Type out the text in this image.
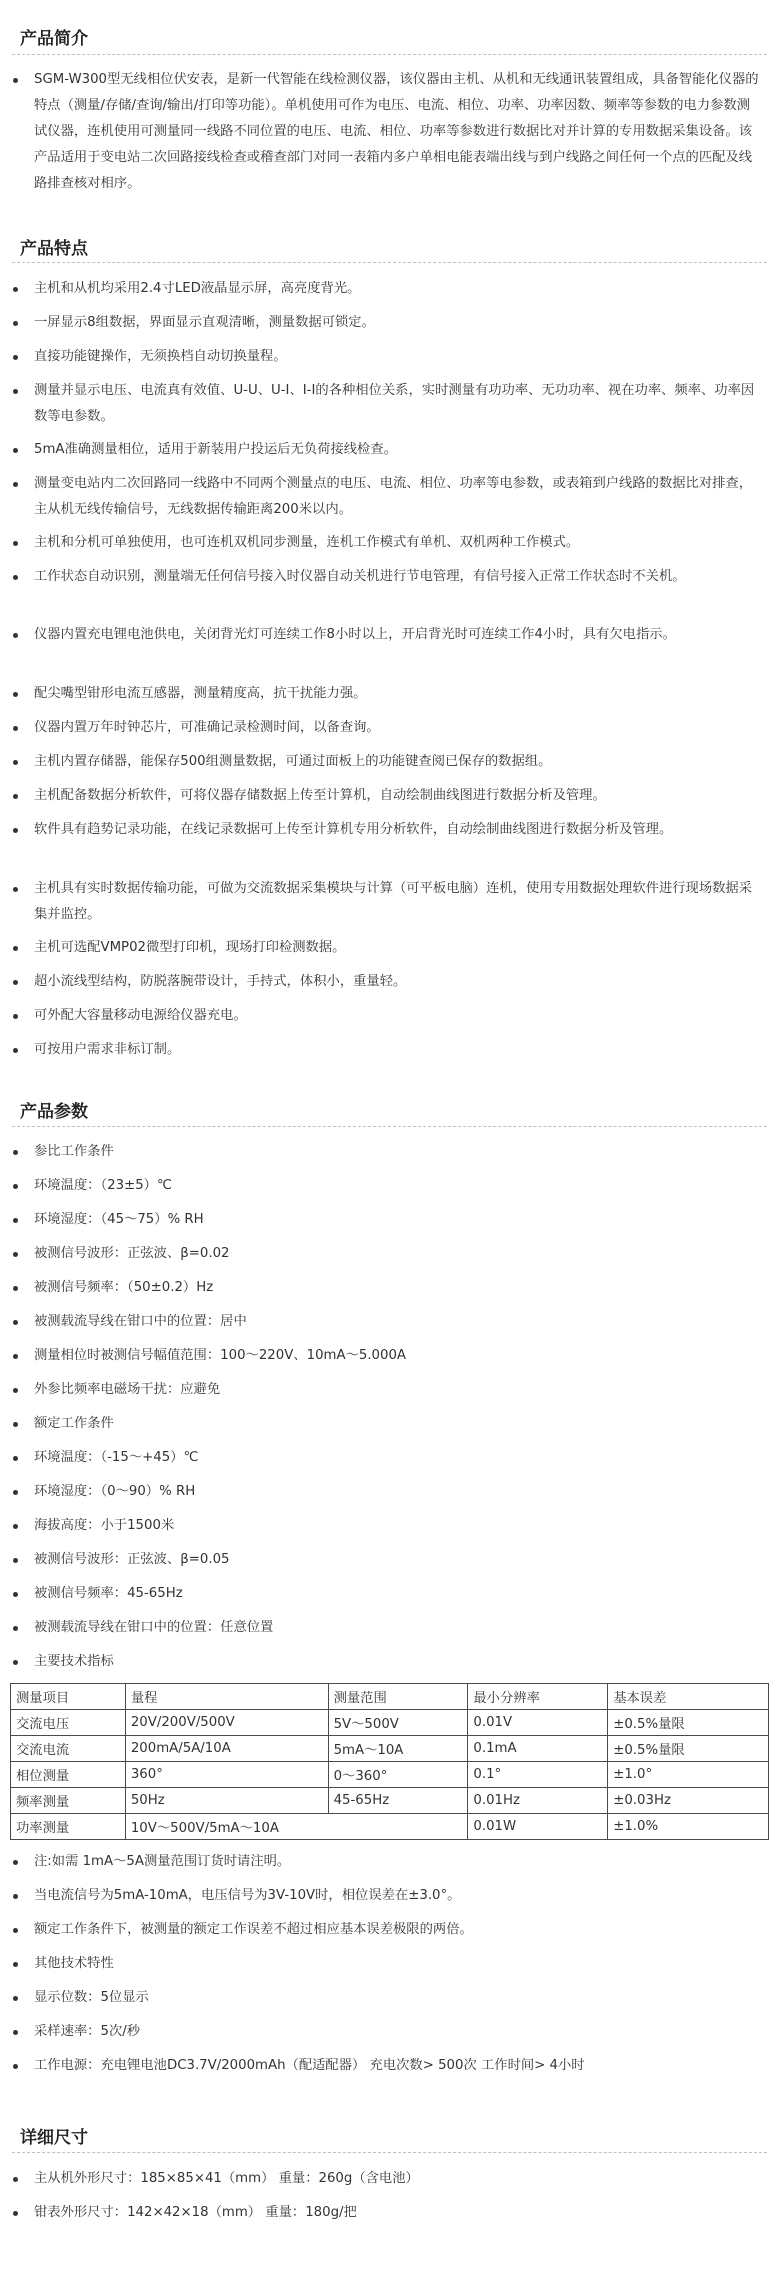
产品简介
SGM-W300型无线相位伏安表，是新一代智能在线检测仪器，该仪器由主机、从机和无线通讯装置组成，具备智能化仪器的特点（测量/存储/查询/输出/打印等功能）。单机使用可作为电压、电流、相位、功率、功率因数、频率等参数的电力参数测试仪器，连机使用可测量同一线路不同位置的电压、电流、相位、功率等参数进行数据比对并计算的专用数据采集设备。该产品适用于变电站二次回路接线检查或稽查部门对同一表箱内多户单相电能表端出线与到户线路之间任何一个点的匹配及线路排查核对相序。
产品特点
主机和从机均采用2.4寸LED液晶显示屏，高亮度背光。
一屏显示8组数据，界面显示直观清晰，测量数据可锁定。
直接功能键操作，无须换档自动切换量程。
测量并显示电压、电流真有效值、U-U、U-I、I-I的各种相位关系，实时测量有功功率、无功功率、视在功率、频率、功率因数等电参数。
5mA准确测量相位，适用于新装用户投运后无负荷接线检查。
测量变电站内二次回路同一线路中不同两个测量点的电压、电流、相位、功率等电参数，或表箱到户线路的数据比对排查，主从机无线传输信号，无线数据传输距离200米以内。
主机和分机可单独使用，也可连机双机同步测量，连机工作模式有单机、双机两种工作模式。
工作状态自动识别，测量端无任何信号接入时仪器自动关机进行节电管理，有信号接入正常工作状态时不关机。
仪器内置充电锂电池供电，关闭背光灯可连续工作8小时以上，开启背光时可连续工作4小时，具有欠电指示。
配尖嘴型钳形电流互感器，测量精度高，抗干扰能力强。
仪器内置万年时钟芯片，可准确记录检测时间，以备查询。
主机内置存储器，能保存500组测量数据，可通过面板上的功能键查阅已保存的数据组。
主机配备数据分析软件，可将仪器存储数据上传至计算机，自动绘制曲线图进行数据分析及管理。
软件具有趋势记录功能，在线记录数据可上传至计算机专用分析软件，自动绘制曲线图进行数据分析及管理。
主机具有实时数据传输功能，可做为交流数据采集模块与计算（可平板电脑）连机，使用专用数据处理软件进行现场数据采集并监控。
主机可选配VMP02微型打印机，现场打印检测数据。
超小流线型结构，防脱落腕带设计，手持式，体积小，重量轻。
可外配大容量移动电源给仪器充电。
可按用户需求非标订制。
产品参数
参比工作条件
环境温度：（23±5）℃
环境湿度：（45～75）% RH
被测信号波形：正弦波、β=0.02
被测信号频率：（50±0.2）Hz
被测载流导线在钳口中的位置：居中
测量相位时被测信号幅值范围：100～220V、10mA～5.000A
外参比频率电磁场干扰：应避免
额定工作条件
环境温度：（-15～+45）℃
环境湿度：（0～90）% RH
海拔高度：小于1500米
被测信号波形：正弦波、β=0.05
被测信号频率：45-65Hz
被测载流导线在钳口中的位置：任意位置
主要技术指标
测量项目	量程	测量范围	最小分辨率	基本误差
交流电压	20V/200V/500V	5V～500V	0.01V	±0.5%量限
交流电流	200mA/5A/10A	5mA～10A	0.1mA	±0.5%量限
相位测量	360°	0～360°	0.1°	±1.0°
频率测量	50Hz	45-65Hz	0.01Hz	±0.03Hz
功率测量	10V～500V/5mA～10A		0.01W	±1.0%
注:如需 1mA～5A测量范围订货时请注明。
当电流信号为5mA-10mA，电压信号为3V-10V时，相位误差在±3.0°。
额定工作条件下，被测量的额定工作误差不超过相应基本误差极限的两倍。
其他技术特性
显示位数：5位显示
采样速率：5次/秒
工作电源：充电锂电池DC3.7V/2000mAh（配适配器） 充电次数> 500次 工作时间> 4小时
详细尺寸
主从机外形尺寸：185×85×41（mm） 重量：260g（含电池）
钳表外形尺寸：142×42×18（mm） 重量：180g/把
